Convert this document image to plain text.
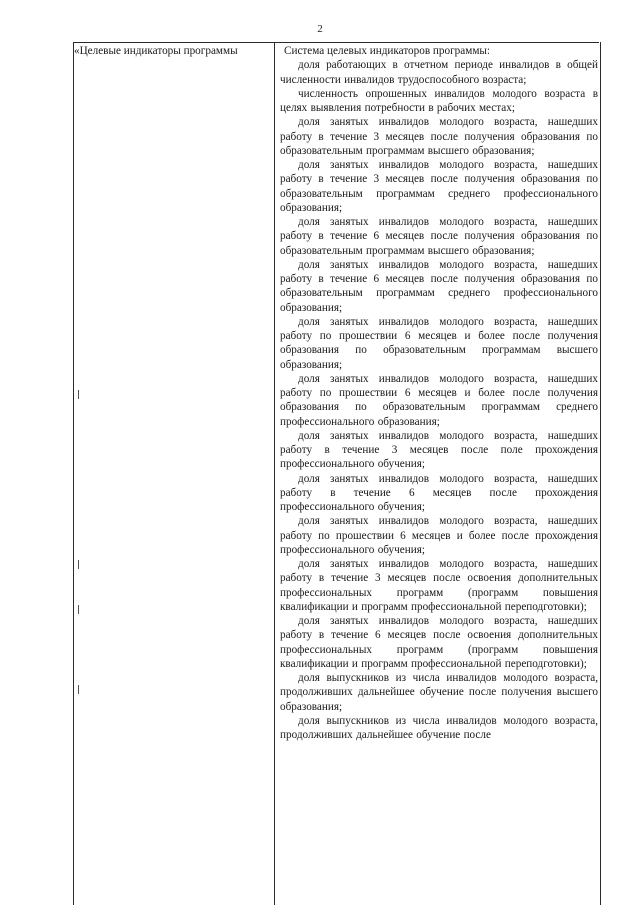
2
«Целевые индикаторы программы	Система целевых индикаторов программы:

доля работающих в отчетном периоде инвалидов в общей численности инвалидов трудоспособного возраста;

численность опрошенных инвалидов молодого возраста в целях выявления потребности в рабочих местах;

доля занятых инвалидов молодого возраста, нашедших работу в течение 3 месяцев после получения образования по образовательным программам высшего образования;

доля занятых инвалидов молодого возраста, нашедших работу в течение 3 месяцев после получения образования по образовательным программам среднего профессионального образования;

доля занятых инвалидов молодого возраста, нашедших работу в течение 6 месяцев после получения образования по образовательным программам высшего образования;

доля занятых инвалидов молодого возраста, нашедших работу в течение 6 месяцев после получения образования по образовательным программам среднего профессионального образования;

доля занятых инвалидов молодого возраста, нашедших работу по прошествии 6 месяцев и более после получения образования по образовательным программам высшего образования;

доля занятых инвалидов молодого возраста, нашедших работу по прошествии 6 месяцев и более после получения образования по образовательным программам среднего профессионального образования;

доля занятых инвалидов молодого возраста, нашедших работу в течение 3 месяцев после поле прохождения профессионального обучения;

доля занятых инвалидов молодого возраста, нашедших работу в течение 6 месяцев после прохождения профессионального обучения;

доля занятых инвалидов молодого возраста, нашедших работу по прошествии 6 месяцев и более после прохождения профессионального обучения;

доля занятых инвалидов молодого возраста, нашедших работу в течение 3 месяцев после освоения дополнительных профессиональных программ (программ повышения квалификации и программ профессиональной переподготовки);

доля занятых инвалидов молодого возраста, нашедших работу в течение 6 месяцев после освоения дополнительных профессиональных программ (программ повышения квалификации и программ профессиональной переподготовки);

доля выпускников из числа инвалидов молодого возраста, продолживших дальнейшее обучение после получения высшего образования;

доля выпускников из числа инвалидов молодого возраста, продолживших дальнейшее обучение после
